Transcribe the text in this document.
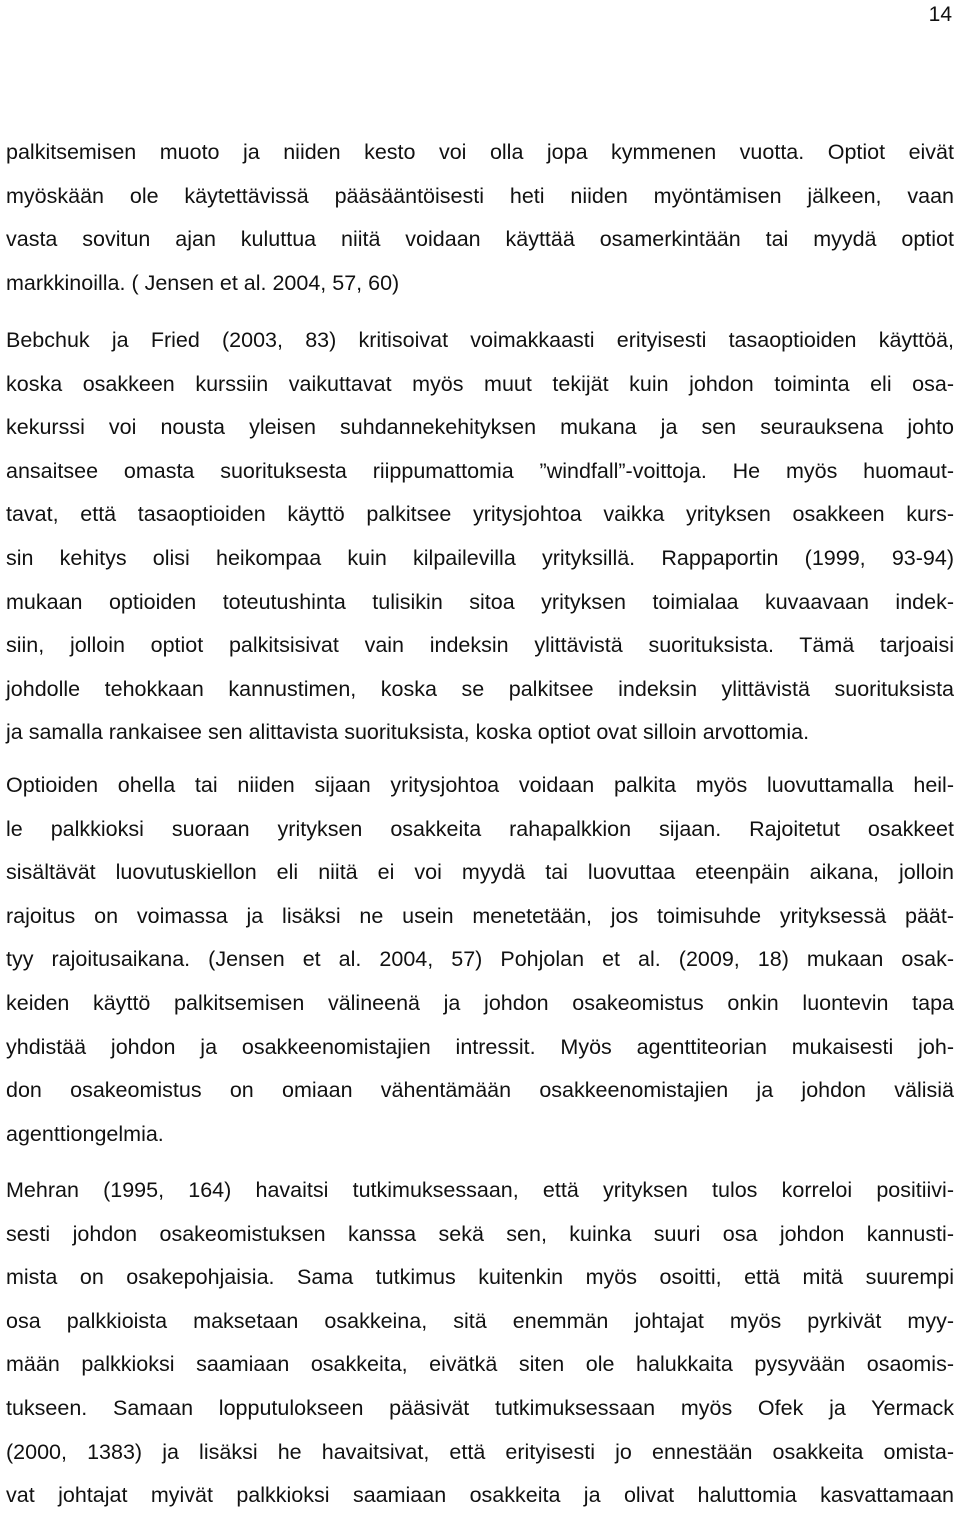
14

palkitsemisen muoto ja niiden kesto voi olla jopa kymmenen vuotta. Optiot eivät
myöskään ole käytettävissä pääsääntöisesti heti niiden myöntämisen jälkeen, vaan
vasta sovitun ajan kuluttua niitä voidaan käyttää osamerkintään tai myydä optiot
markkinoilla. ( Jensen et al. 2004, 57, 60)

Bebchuk ja Fried (2003, 83) kritisoivat voimakkaasti erityisesti tasaoptioiden käyttöä,
koska osakkeen kurssiin vaikuttavat myös muut tekijät kuin johdon toiminta eli osa-
kekurssi voi nousta yleisen suhdannekehityksen mukana ja sen seurauksena johto
ansaitsee omasta suorituksesta riippumattomia ”windfall”-voittoja. He myös huomaut-
tavat, että tasaoptioiden käyttö palkitsee yritysjohtoa vaikka yrityksen osakkeen kurs-
sin kehitys olisi heikompaa kuin kilpailevilla yrityksillä. Rappaportin (1999, 93-94)
mukaan optioiden toteutushinta tulisikin sitoa yrityksen toimialaa kuvaavaan indek-
siin, jolloin optiot palkitsisivat vain indeksin ylittävistä suorituksista. Tämä tarjoaisi
johdolle tehokkaan kannustimen, koska se palkitsee indeksin ylittävistä suorituksista
ja samalla rankaisee sen alittavista suorituksista, koska optiot ovat silloin arvottomia.

Optioiden ohella tai niiden sijaan yritysjohtoa voidaan palkita myös luovuttamalla heil-
le palkkioksi suoraan yrityksen osakkeita rahapalkkion sijaan. Rajoitetut osakkeet
sisältävät luovutuskiellon eli niitä ei voi myydä tai luovuttaa eteenpäin aikana, jolloin
rajoitus on voimassa ja lisäksi ne usein menetetään, jos toimisuhde yrityksessä päät-
tyy rajoitusaikana. (Jensen et al. 2004, 57) Pohjolan et al. (2009, 18) mukaan osak-
keiden käyttö palkitsemisen välineenä ja johdon osakeomistus onkin luontevin tapa
yhdistää johdon ja osakkeenomistajien intressit. Myös agenttiteorian mukaisesti joh-
don osakeomistus on omiaan vähentämään osakkeenomistajien ja johdon välisiä
agenttiongelmia.

Mehran (1995, 164) havaitsi tutkimuksessaan, että yrityksen tulos korreloi positiivi-
sesti johdon osakeomistuksen kanssa sekä sen, kuinka suuri osa johdon kannusti-
mista on osakepohjaisia. Sama tutkimus kuitenkin myös osoitti, että mitä suurempi
osa palkkioista maksetaan osakkeina, sitä enemmän johtajat myös pyrkivät myy-
mään palkkioksi saamiaan osakkeita, eivätkä siten ole halukkaita pysyvään osaomis-
tukseen. Samaan lopputulokseen pääsivät tutkimuksessaan myös Ofek ja Yermack
(2000, 1383) ja lisäksi he havaitsivat, että erityisesti jo ennestään osakkeita omista-
vat johtajat myivät palkkioksi saamiaan osakkeita ja olivat haluttomia kasvattamaan
